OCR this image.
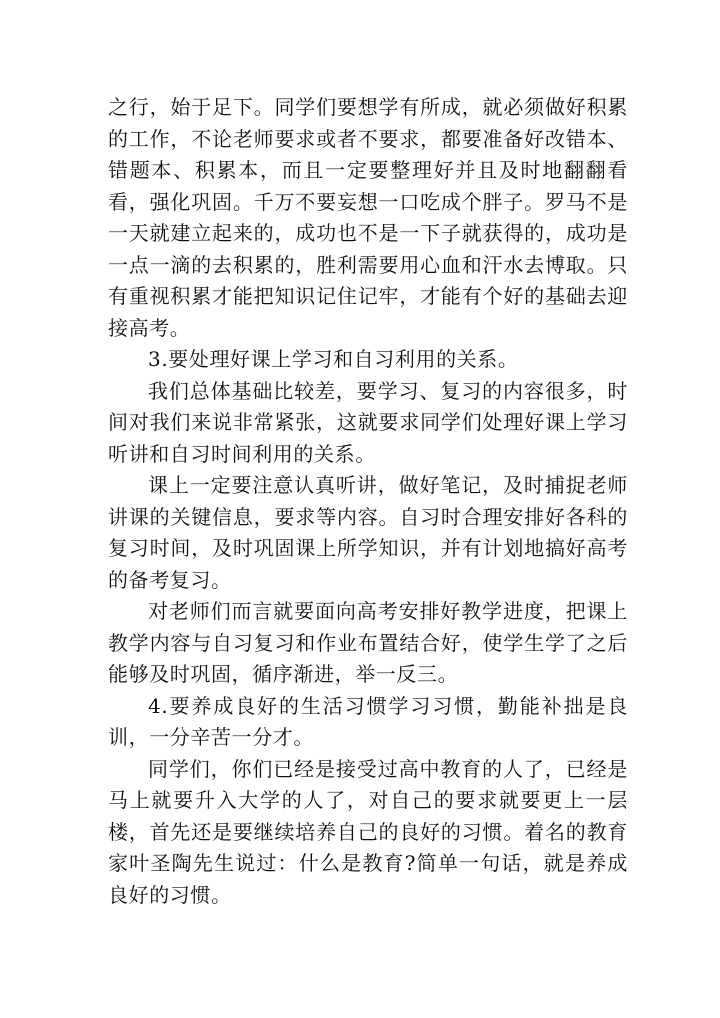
之行，始于足下。同学们要想学有所成，就必须做好积累的工作，不论老师要求或者不要求，都要准备好改错本、错题本、积累本，而且一定要整理好并且及时地翻翻看看，强化巩固。千万不要妄想一口吃成个胖子。罗马不是一天就建立起来的，成功也不是一下子就获得的，成功是一点一滴的去积累的，胜利需要用心血和汗水去博取。只有重视积累才能把知识记住记牢，才能有个好的基础去迎接高考。

3.要处理好课上学习和自习利用的关系。

我们总体基础比较差，要学习、复习的内容很多，时间对我们来说非常紧张，这就要求同学们处理好课上学习听讲和自习时间利用的关系。

课上一定要注意认真听讲，做好笔记，及时捕捉老师讲课的关键信息，要求等内容。自习时合理安排好各科的复习时间，及时巩固课上所学知识，并有计划地搞好高考的备考复习。

对老师们而言就要面向高考安排好教学进度，把课上教学内容与自习复习和作业布置结合好，使学生学了之后能够及时巩固，循序渐进，举一反三。

4.要养成良好的生活习惯学习习惯，勤能补拙是良训，一分辛苦一分才。

同学们，你们已经是接受过高中教育的人了，已经是马上就要升入大学的人了，对自己的要求就要更上一层楼，首先还是要继续培养自己的良好的习惯。着名的教育家叶圣陶先生说过：什么是教育?简单一句话，就是养成良好的习惯。
